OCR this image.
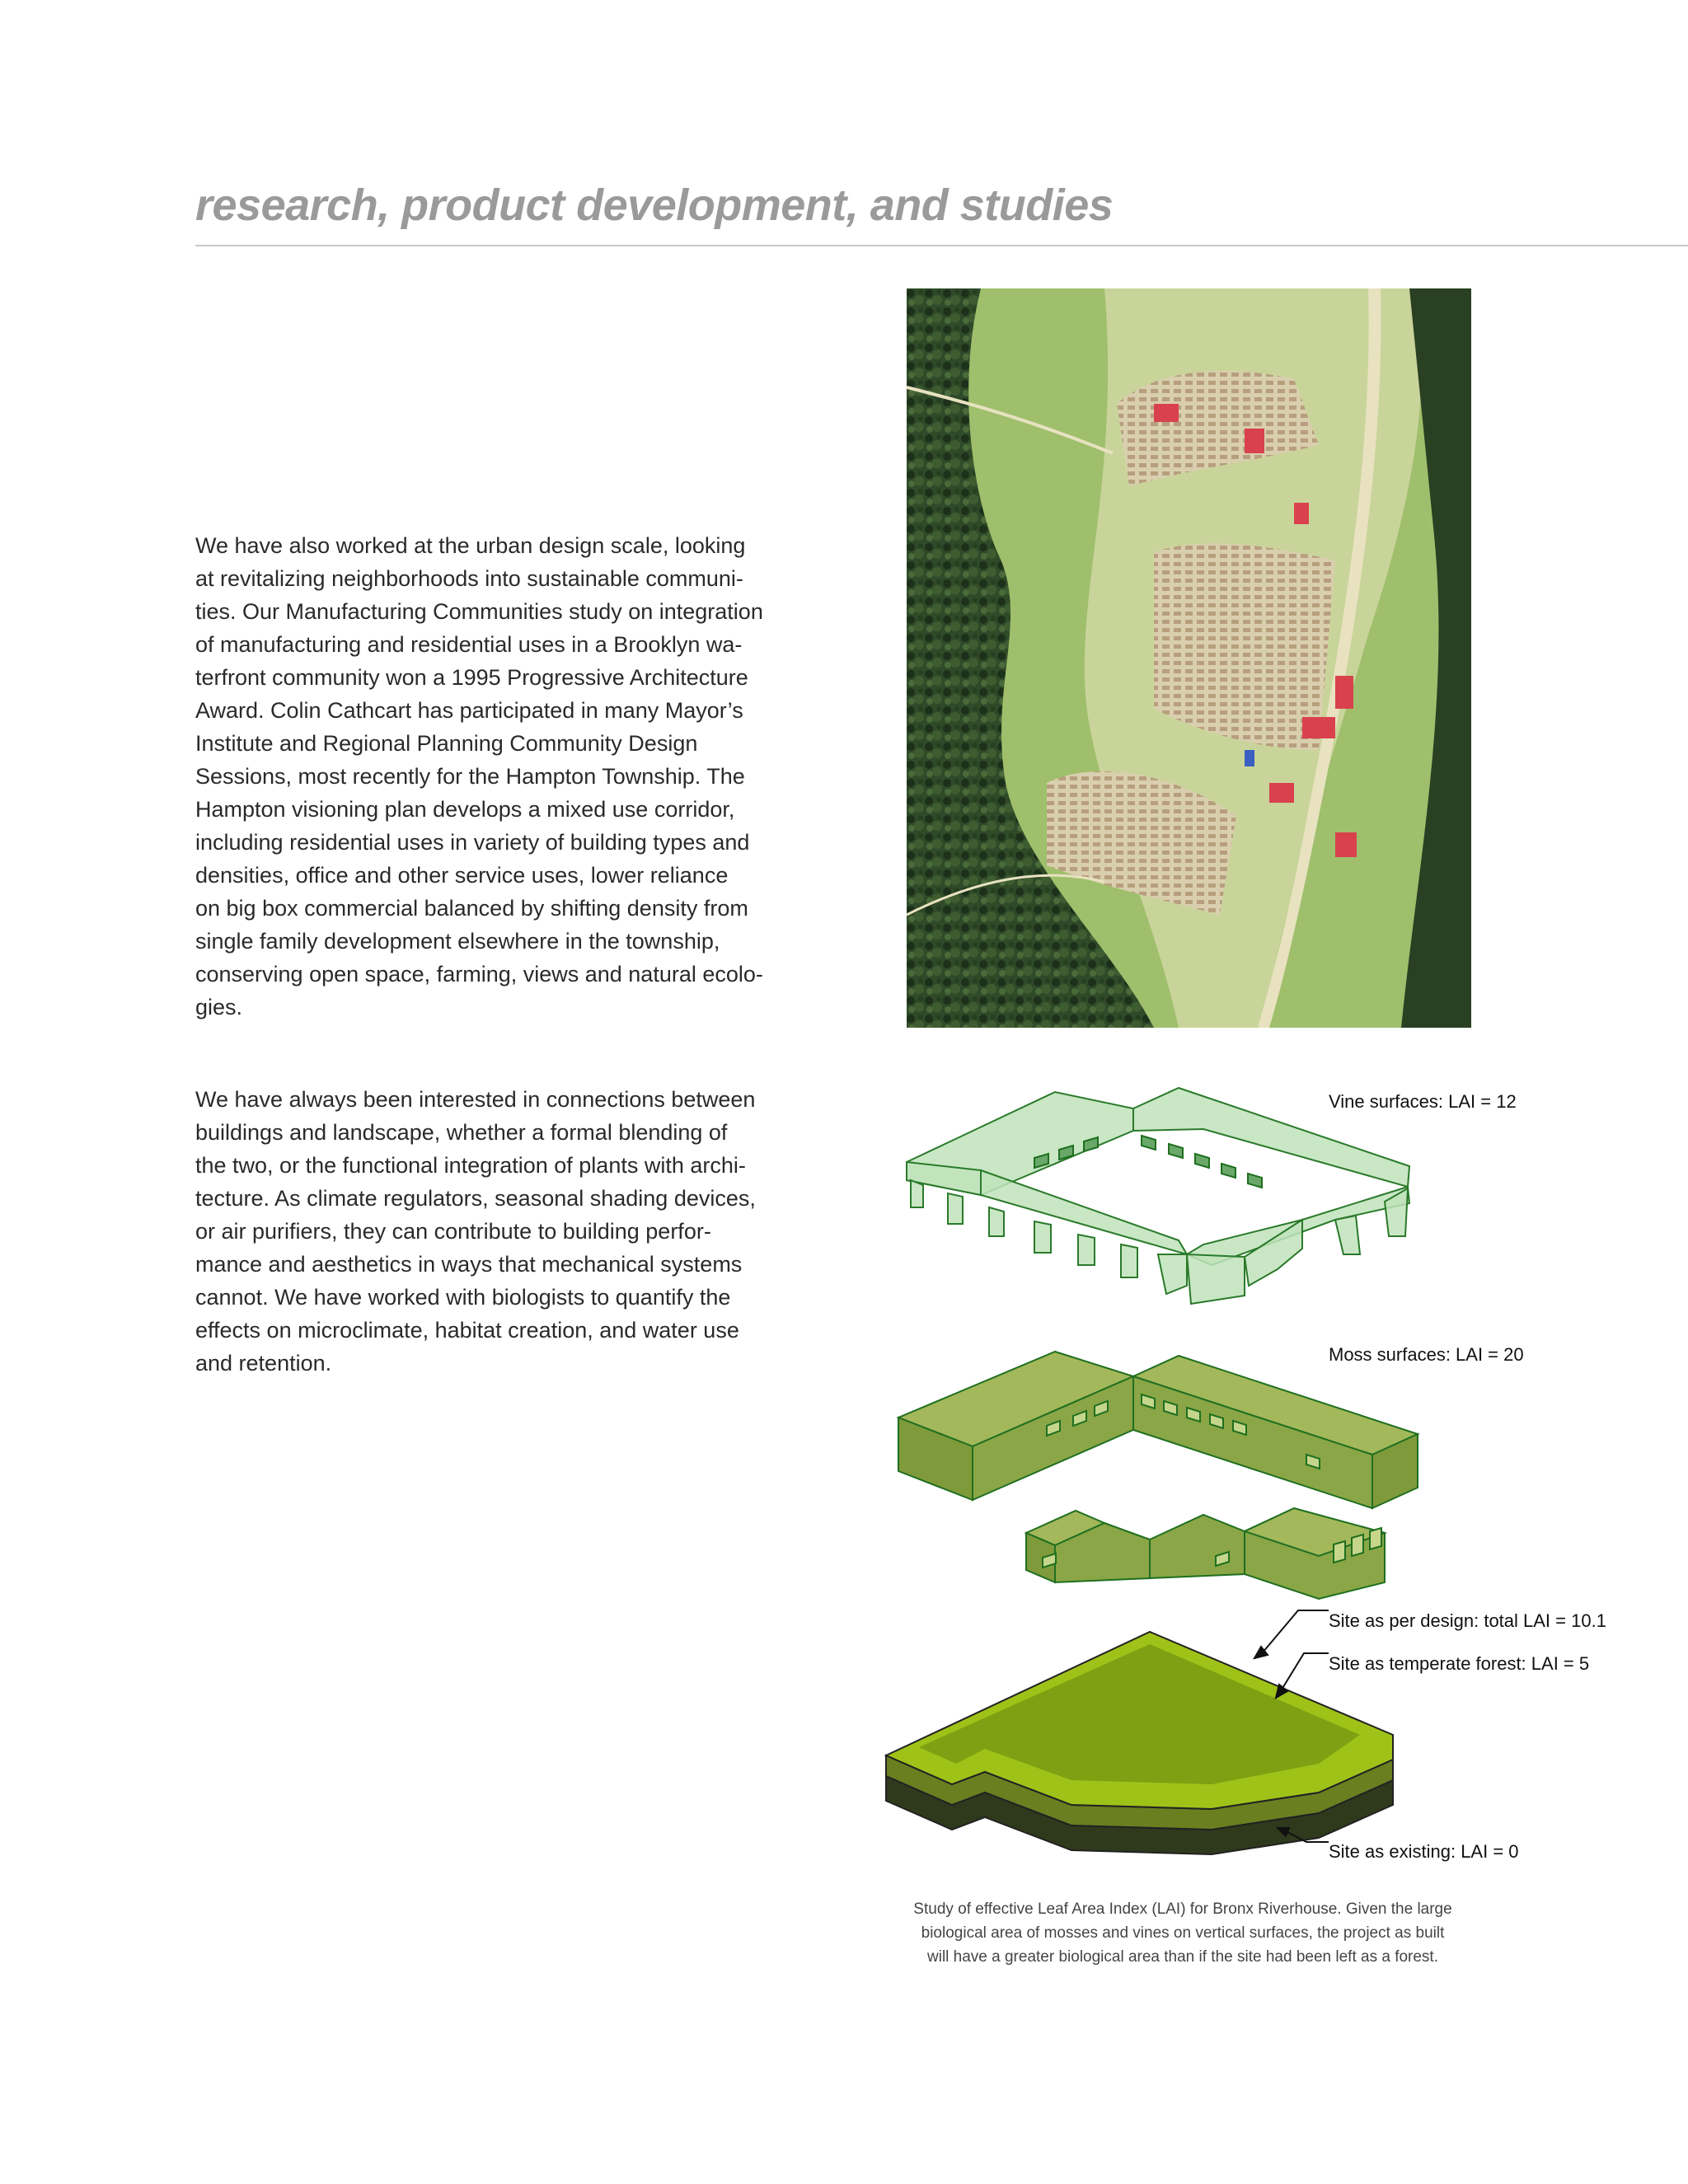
research, product development, and studies
We have also worked at the urban design scale, looking
at revitalizing neighborhoods into sustainable communi-
ties. Our Manufacturing Communities study on integration
of manufacturing and residential uses in a Brooklyn wa-
terfront community won a 1995 Progressive Architecture
Award. Colin Cathcart has participated in many Mayor’s
Institute and Regional Planning Community Design
Sessions, most recently for the Hampton Township. The
Hampton visioning plan develops a mixed use corridor,
including residential uses in variety of building types and
densities, office and other service uses, lower reliance
on big box commercial balanced by shifting density from
single family development elsewhere in the township,
conserving open space, farming, views and natural ecolo-
gies.
We have always been interested in connections between
buildings and landscape, whether a formal blending of
the two, or the functional integration of plants with archi-
tecture. As climate regulators, seasonal shading devices,
or air purifiers, they can contribute to building perfor-
mance and aesthetics in ways that mechanical systems
cannot. We have worked with biologists to quantify the
effects on microclimate, habitat creation, and water use
and retention.
Vine surfaces: LAI = 12
Moss surfaces: LAI = 20
Site as per design: total LAI = 10.1
Site as temperate forest: LAI = 5
Site as existing: LAI = 0
Study of effective Leaf Area Index (LAI) for Bronx Riverhouse. Given the large
biological area of mosses and vines on vertical surfaces, the project as built
will have a greater biological area than if the site had been left as a forest.
